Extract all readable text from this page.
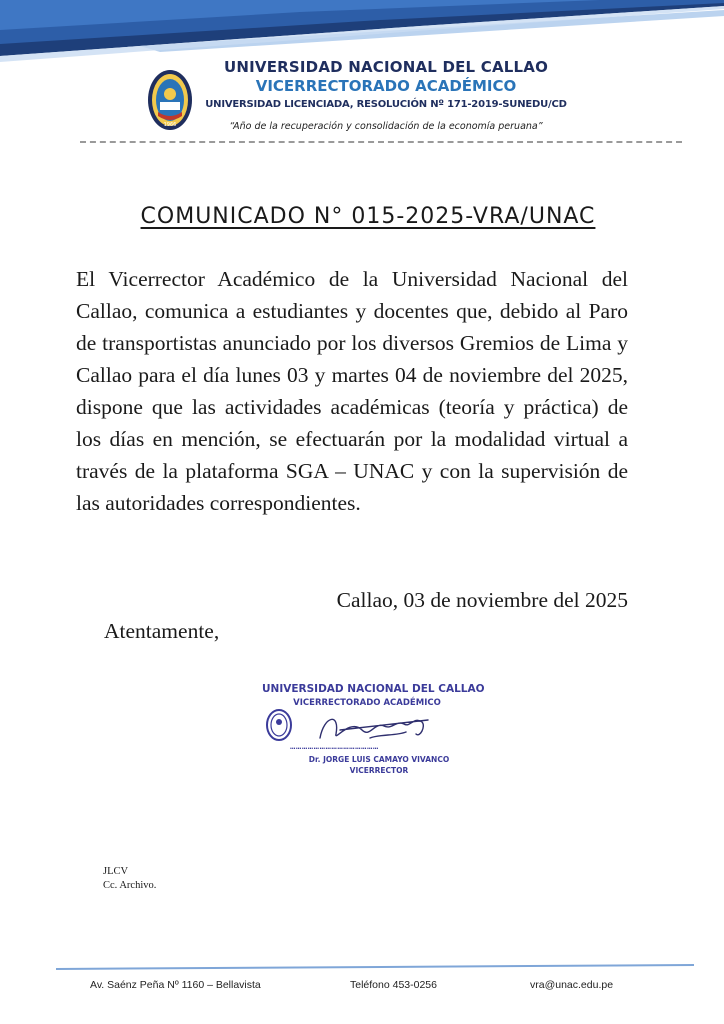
1966
UNIVERSIDAD NACIONAL DEL CALLAO
VICERRECTORADO ACADÉMICO
UNIVERSIDAD LICENCIADA, RESOLUCIÓN Nº 171-2019-SUNEDU/CD
“Año de la recuperación y consolidación de la economía peruana”
COMUNICADO N° 015-2025-VRA/UNAC

El Vicerrector Académico de la Universidad Nacional del Callao, comunica a estudiantes y docentes que, debido al Paro de transportistas anunciado por los diversos Gremios de Lima y Callao para el día lunes 03 y martes 04 de noviembre del 2025, dispone que las actividades académicas (teoría y práctica) de los días en mención, se efectuarán por la modalidad virtual a través de la plataforma SGA – UNAC y con la supervisión de las autoridades correspondientes.

Callao, 03 de noviembre del 2025
Atentamente,
UNIVERSIDAD NACIONAL DEL CALLAO
VICERRECTORADO ACADÉMICO
………………………………………
Dr. JORGE LUIS CAMAYO VIVANCO
VICERRECTOR
JLCV
Cc. Archivo.
Av. Saénz Peña Nº 1160 – Bellavista	Teléfono 453-0256	vra@unac.edu.pe
